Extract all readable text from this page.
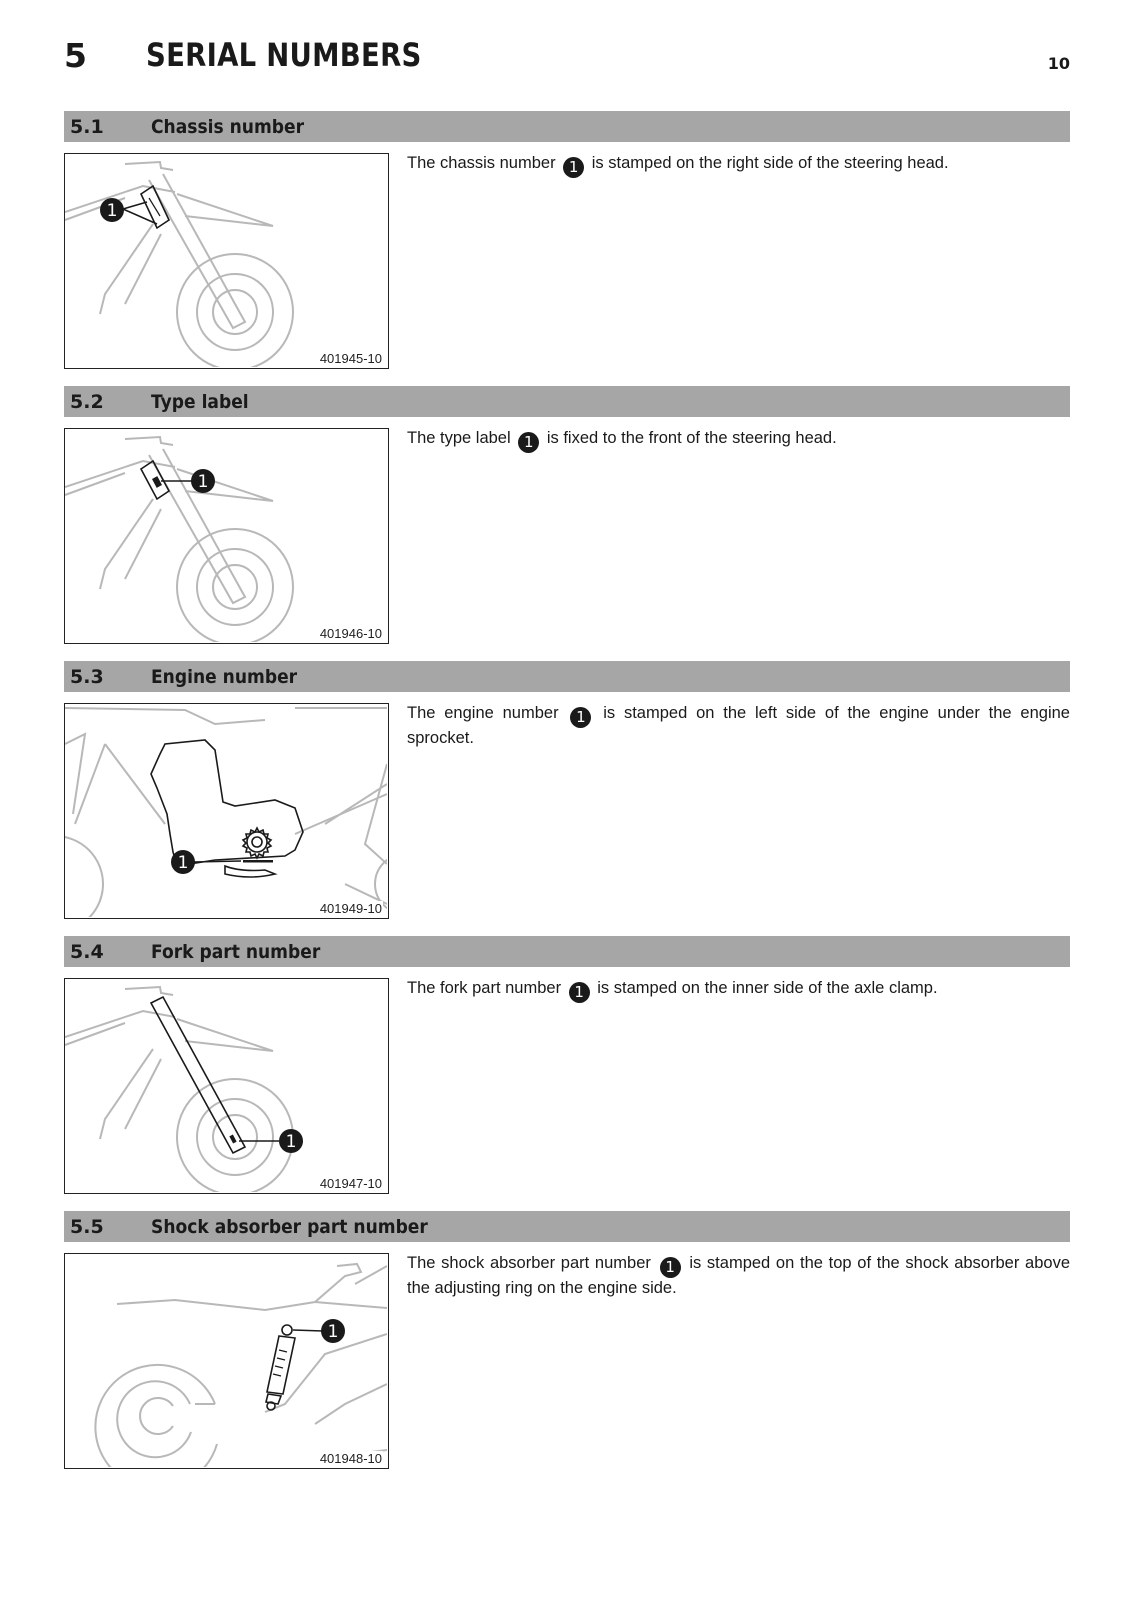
5 SERIAL NUMBERS	10
5.1 Chassis number
1
401945-10
The chassis number 1 is stamped on the right side of the steering head.
5.2 Type label
1
401946-10
The type label 1 is fixed to the front of the steering head.
5.3 Engine number
1
401949-10
The engine number 1 is stamped on the left side of the engine under the engine sprocket.
5.4 Fork part number
1
401947-10
The fork part number 1 is stamped on the inner side of the axle clamp.
5.5 Shock absorber part number
1
401948-10
The shock absorber part number 1 is stamped on the top of the shock absorber above the adjusting ring on the engine side.
